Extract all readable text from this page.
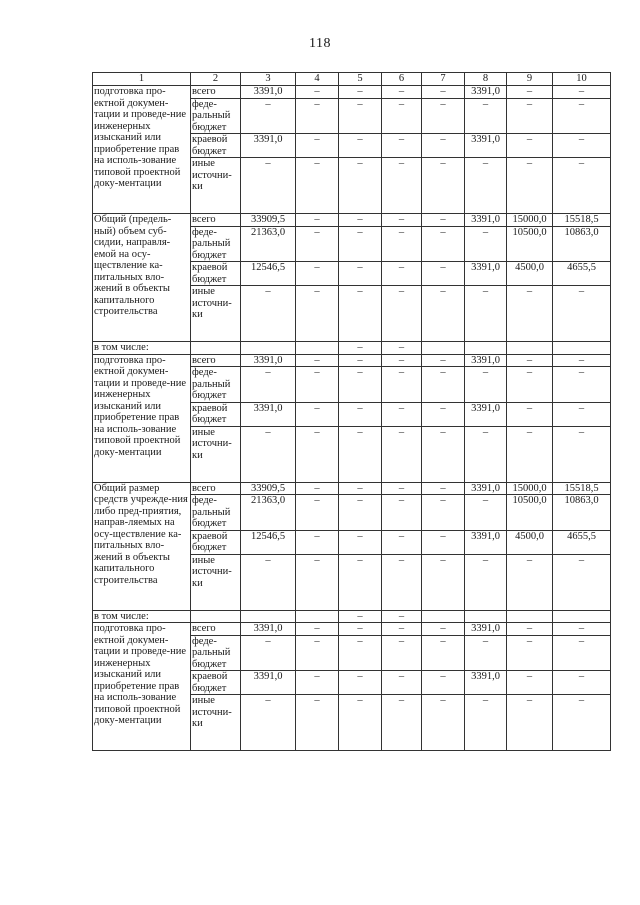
118
1	2	3	4	5	6	7	8	9	10
подготовка про-ектной докумен-тации и проведе-ние инженерных изысканий или приобретение прав на исполь-зование типовой проектной доку-ментации	всего	3391,0	–	–	–	–	3391,0	–	–
	феде-ральный бюджет	–	–	–	–	–	–	–	–
	краевой бюджет	3391,0	–	–	–	–	3391,0	–	–
	иные источни-ки	–	–	–	–	–	–	–	–
Общий (предель-ный) объем суб-сидии, направля-емой на осу-ществление ка-питальных вло-жений в объекты капитального строительства	всего	33909,5	–	–	–	–	3391,0	15000,0	15518,5
	феде-ральный бюджет	21363,0	–	–	–	–	–	10500,0	10863,0
	краевой бюджет	12546,5	–	–	–	–	3391,0	4500,0	4655,5
	иные источни-ки	–	–	–	–	–	–	–	–
в том числе:				–	–				
подготовка про-ектной докумен-тации и проведе-ние инженерных изысканий или приобретение прав на исполь-зование типовой проектной доку-ментации	всего	3391,0	–	–	–	–	3391,0	–	–
	феде-ральный бюджет	–	–	–	–	–	–	–	–
	краевой бюджет	3391,0	–	–	–	–	3391,0	–	–
	иные источни-ки	–	–	–	–	–	–	–	–
Общий размер средств учрежде-ния либо пред-приятия, направ-ляемых на осу-ществление ка-питальных вло-жений в объекты капитального строительства	всего	33909,5	–	–	–	–	3391,0	15000,0	15518,5
	феде-ральный бюджет	21363,0	–	–	–	–	–	10500,0	10863,0
	краевой бюджет	12546,5	–	–	–	–	3391,0	4500,0	4655,5
	иные источни-ки	–	–	–	–	–	–	–	–
в том числе:				–	–				
подготовка про-ектной докумен-тации и проведе-ние инженерных изысканий или приобретение прав на исполь-зование типовой проектной доку-ментации	всего	3391,0	–	–	–	–	3391,0	–	–
	феде-ральный бюджет	–	–	–	–	–	–	–	–
	краевой бюджет	3391,0	–	–	–	–	3391,0	–	–
	иные источни-ки	–	–	–	–	–	–	–	–
